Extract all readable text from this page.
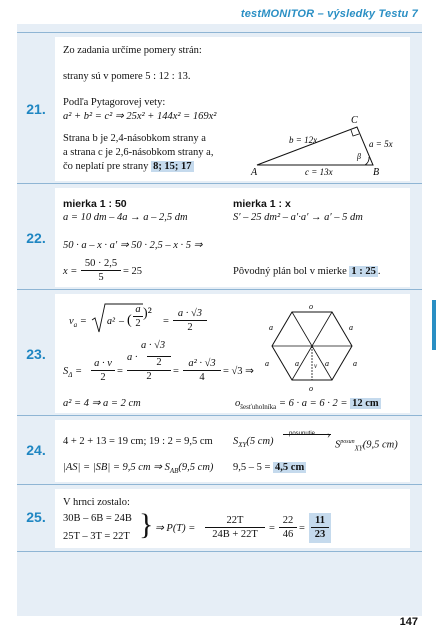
testMONITOR – výsledky Testu 7
21.
Zo zadania určíme pomery strán:
strany sú v pomere 5 : 12 : 13.
Podľa Pytagorovej vety:
a² + b² = c² ⇒ 25x² + 144x² = 169x²
Strana b je 2,4-násobkom strany a
a strana c je 2,6-násobkom strany a,
čo neplatí pre strany 8; 15; 17
C
A	B
b = 12x	a = 5x
c = 13x
β
22.
mierka 1 : 50	mierka 1 : x
a = 10 dm – 4a → a – 2,5 dm	S′ – 25 dm² – a′·a′ → a′ – 5 dm
50 · a – x · a′ ⇒ 50 · 2,5 – x · 5 ⇒
x =
50 · 2,5
5
= 25	Pôvodný plán bol v mierke 1 : 25 .
23.
$v_a = a^2$ – (
a
2
)²
=
a · √3
2
$S_\Delta$ =
a · v
2
=
a · √3
a ·	2
2	=
a² · √3
4
= √3 ⇒
a² = 4 ⇒ a = 2 cm	$o_{šesťuholníka} = 6 \cdot a = 6 \cdot 2 = 12$ cm
o
o
a	a
a	a
a	a
v
24.
4 + 2 + 13 = 19 cm; 19 : 2 = 9,5 cm $S_{XY}(5$ cm)
posunutie ›
$S^{posun}_{XY}(9,5$ cm)
|AS| = |SB| = 9,5 cm ⇒ $S_{AB}(9,5$ cm) 9,5 – 5 = 4,5 cm
25.
V hrnci zostalo:
30B – 6B = 24B
25T – 3T = 22T } ⇒ P(T) =
22T
24B + 22T
=
22
46
=
11
23
147
